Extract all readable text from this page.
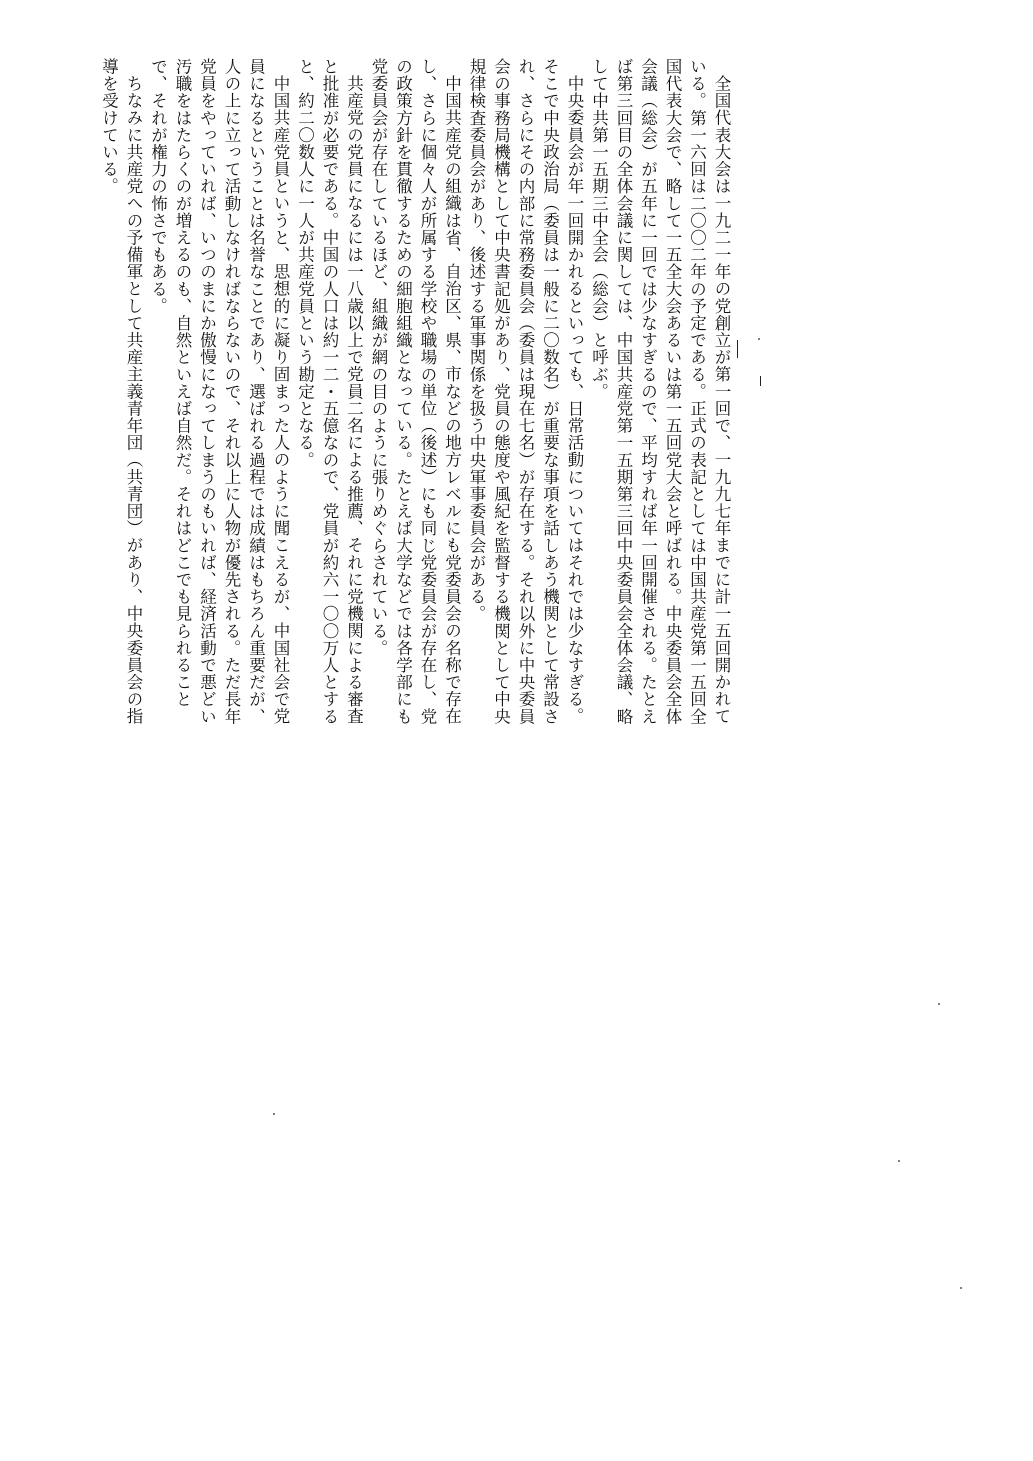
全国代表大会は一九二一年の党創立が第一回で、一九九七年までに計一五回開かれている。第一六回は二〇〇二年の予定である。正式の表記としては中国共産党第一五回全国代表大会で、略して一五全大会あるいは第一五回党大会と呼ばれる。中央委員会全体会議（総会）が五年に一回では少なすぎるので、平均すれば年一回開催される。たとえば第三回目の全体会議に関しては、中国共産党第一五期第三回中央委員会全体会議、略して中共第一五期三中全会（総会）と呼ぶ。

中央委員会が年一回開かれるといっても、日常活動についてはそれでは少なすぎる。そこで中央政治局（委員は一般に二〇数名）が重要な事項を話しあう機関として常設され、さらにその内部に常務委員会（委員は現在七名）が存在する。それ以外に中央委員会の事務局機構として中央書記処があり、党員の態度や風紀を監督する機関として中央規律検査委員会があり、後述する軍事関係を扱う中央軍事委員会がある。

中国共産党の組織は省、自治区、県、市などの地方レベルにも党委員会の名称で存在し、さらに個々人が所属する学校や職場の単位（後述）にも同じ党委員会が存在し、党の政策方針を貫徹するための細胞組織となっている。たとえば大学などでは各学部にも党委員会が存在しているほど、組織が網の目のように張りめぐらされている。

共産党の党員になるには一八歳以上で党員二名による推薦、それに党機関による審査と批准が必要である。中国の人口は約一二・五億なので、党員が約六一〇〇万人とすると、約二〇数人に一人が共産党員という勘定となる。

中国共産党員というと、思想的に凝り固まった人のように聞こえるが、中国社会で党員になるということは名誉なことであり、選ばれる過程では成績はもちろん重要だが、人の上に立って活動しなければならないので、それ以上に人物が優先される。ただ長年党員をやっていれば、いつのまにか傲慢になってしまうのもいれば、経済活動で悪どい汚職をはたらくのが増えるのも、自然といえば自然だ。それはどこでも見られることで、それが権力の怖さでもある。

ちなみに共産党への予備軍として共産主義青年団（共青団）があり、中央委員会の指導を受けている。
